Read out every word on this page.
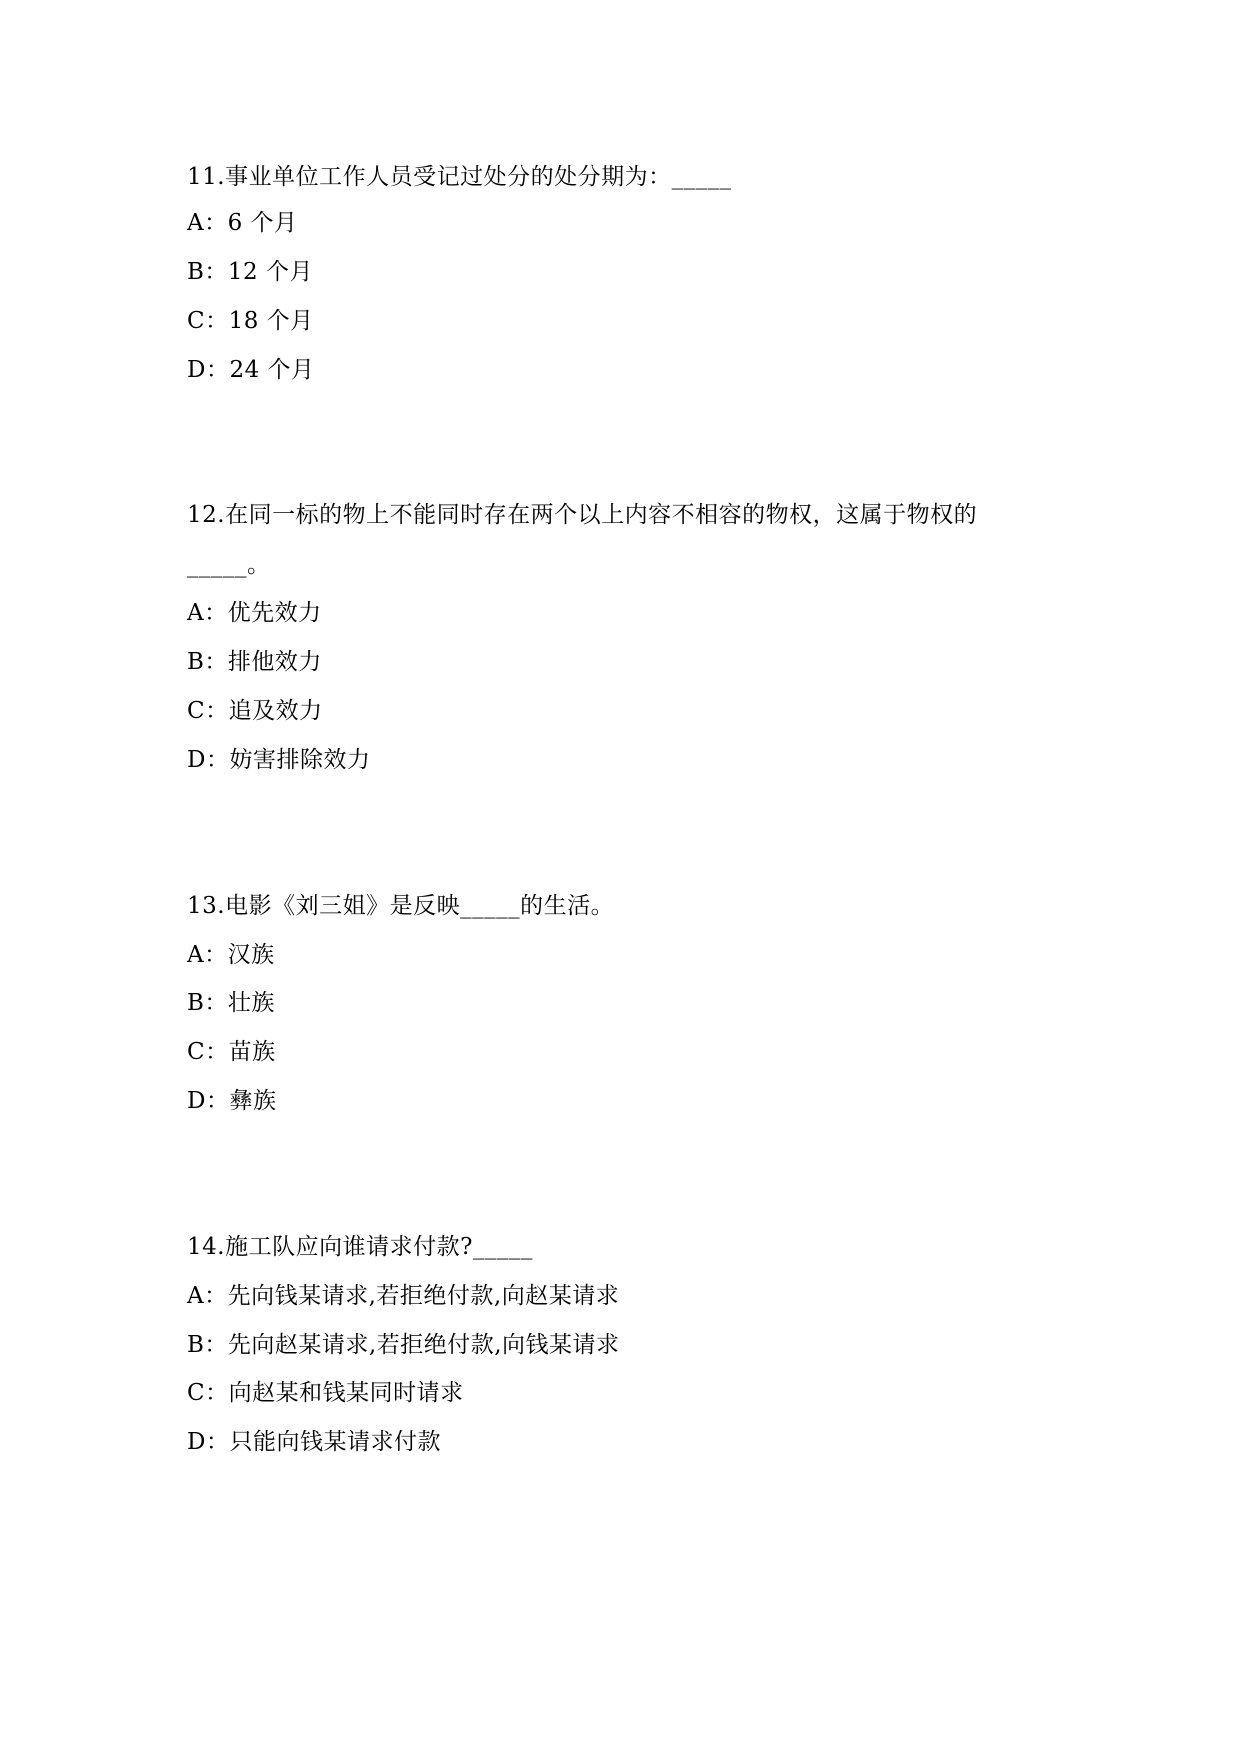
11.事业单位工作人员受记过处分的处分期为：_____
A：6 个月
B：12 个月
C：18 个月
D：24 个月
12.在同一标的物上不能同时存在两个以上内容不相容的物权，这属于物权的
_____。
A：优先效力
B：排他效力
C：追及效力
D：妨害排除效力
13.电影《刘三姐》是反映_____的生活。
A：汉族
B：壮族
C：苗族
D：彝族
14.施工队应向谁请求付款?_____
A：先向钱某请求,若拒绝付款,向赵某请求
B：先向赵某请求,若拒绝付款,向钱某请求
C：向赵某和钱某同时请求
D：只能向钱某请求付款
